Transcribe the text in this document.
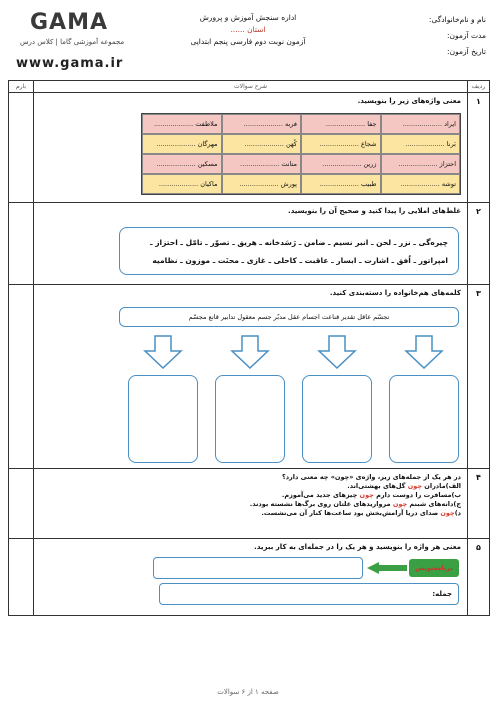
GAMA
مجموعه آموزشی گاما | کلاس درس
www.gama.ir
اداره سنجش آموزش و پرورش
استان ......
آزمون نوبت دوم فارسی پنجم ابتدایی
نام و نام‌خانوادگی:
مدت آزمون:
تاریخ آزمون:
ردیف
شرح سوالات
بارم
۱
معنی واژه‌های زیر را بنویسید.
ایراد ...................
جفا ...................
فربه ...................
ملاطفت ...................
بَرنا ...................
شجاع ...................
کُهَن ...................
مهرگان ...................
احتزاز ...................
زرین ...................
متانت ...................
مسکین ...................
توشه ...................
طبیب ...................
پورش ...................
ماکیان ...................
۲
غلط‌های املایی را پیدا کنید و صحیح آن را بنویسید.
چیره‌گی ـ نزر ـ لحن ـ انبر نسیم ـ ضامن ـ رَسَدخانه ـ هریق ـ تصوّر ـ تامّل ـ احتزاز ـ
امپراتور ـ اُفق ـ اشارت ـ ابسار ـ عاقبت ـ کاحلی ـ غازی ـ محنَت ـ موزون ـ نظامیه
۳
کلمه‌های هم‌خانواده را دسته‌بندی کنید.
تجسّم عاقل تقدیر قناعت اجسام عقل مدبّر جسم معقول تدابیر قانع مجسّم
۴
در هر یک از جمله‌های زیر، واژه‌ی «چون» چه معنی دارد؟
الف)مادران چون گل‌های بهشتی‌اند.
ب)مسافرت را دوست دارم چون چیزهای جدید می‌آموزم.
ج)دانه‌های شبنم چون مرواریدهای غلتان روی برگ‌ها نشسته بودند.
د)چون صدای دریا آرامش‌بخش بود ساعت‌ها کنار آن می‌نشست.
۵
معنی هر واژه را بنویسید و هر یک را در جمله‌ای به کار ببرید.
برنامه‌نویس
جمله:
صفحه ۱ از ۶ سوالات
